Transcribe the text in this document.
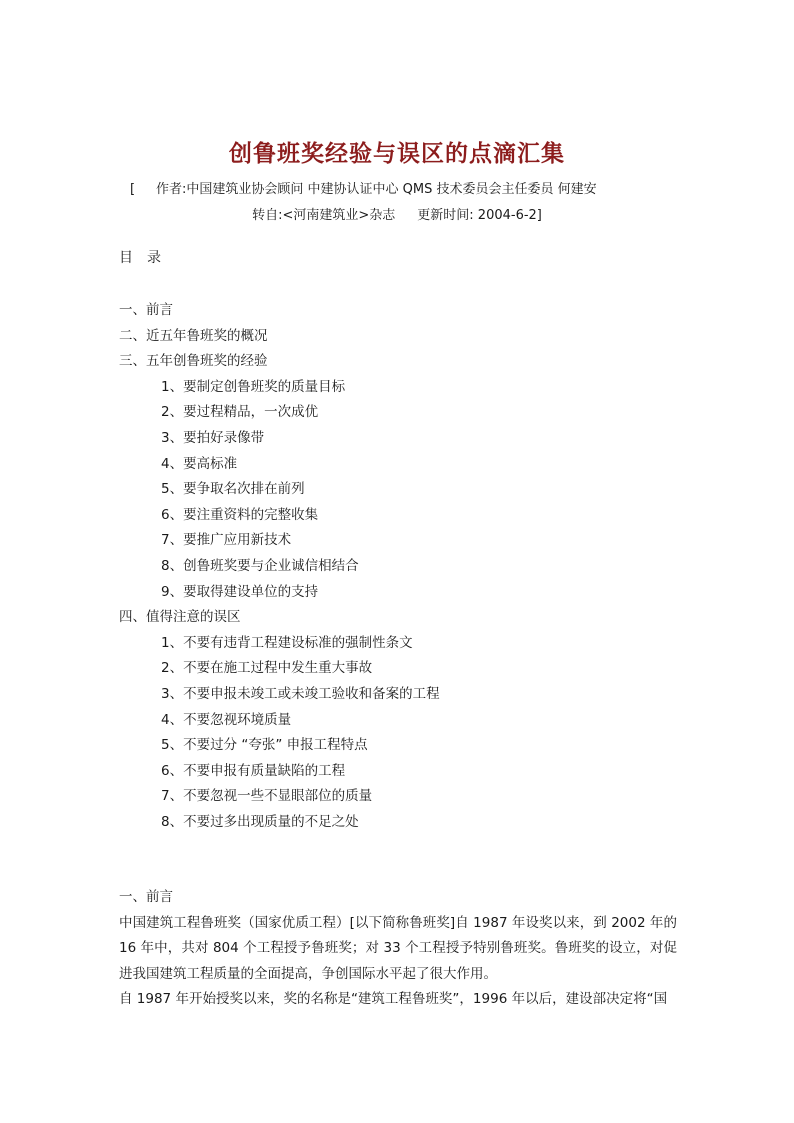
创鲁班奖经验与误区的点滴汇集
[ 作者:中国建筑业协会顾问 中建协认证中心 QMS 技术委员会主任委员 何建安
转自:<河南建筑业>杂志 更新时间: 2004-6-2]
目录
一、前言
二、近五年鲁班奖的概况
三、五年创鲁班奖的经验
1、要制定创鲁班奖的质量目标
2、要过程精品，一次成优
3、要拍好录像带
4、要高标准
5、要争取名次排在前列
6、要注重资料的完整收集
7、要推广应用新技术
8、创鲁班奖要与企业诚信相结合
9、要取得建设单位的支持
四、值得注意的误区
1、不要有违背工程建设标准的强制性条文
2、不要在施工过程中发生重大事故
3、不要申报未竣工或未竣工验收和备案的工程
4、不要忽视环境质量
5、不要过分 “夸张” 申报工程特点
6、不要申报有质量缺陷的工程
7、不要忽视一些不显眼部位的质量
8、不要过多出现质量的不足之处

一、前言

中国建筑工程鲁班奖（国家优质工程）[以下简称鲁班奖]自 1987 年设奖以来，到 2002 年的 16 年中，共对 804 个工程授予鲁班奖；对 33 个工程授予特别鲁班奖。鲁班奖的设立，对促进我国建筑工程质量的全面提高，争创国际水平起了很大作用。

自 1987 年开始授奖以来，奖的名称是“建筑工程鲁班奖”，1996 年以后，建设部决定将“国
